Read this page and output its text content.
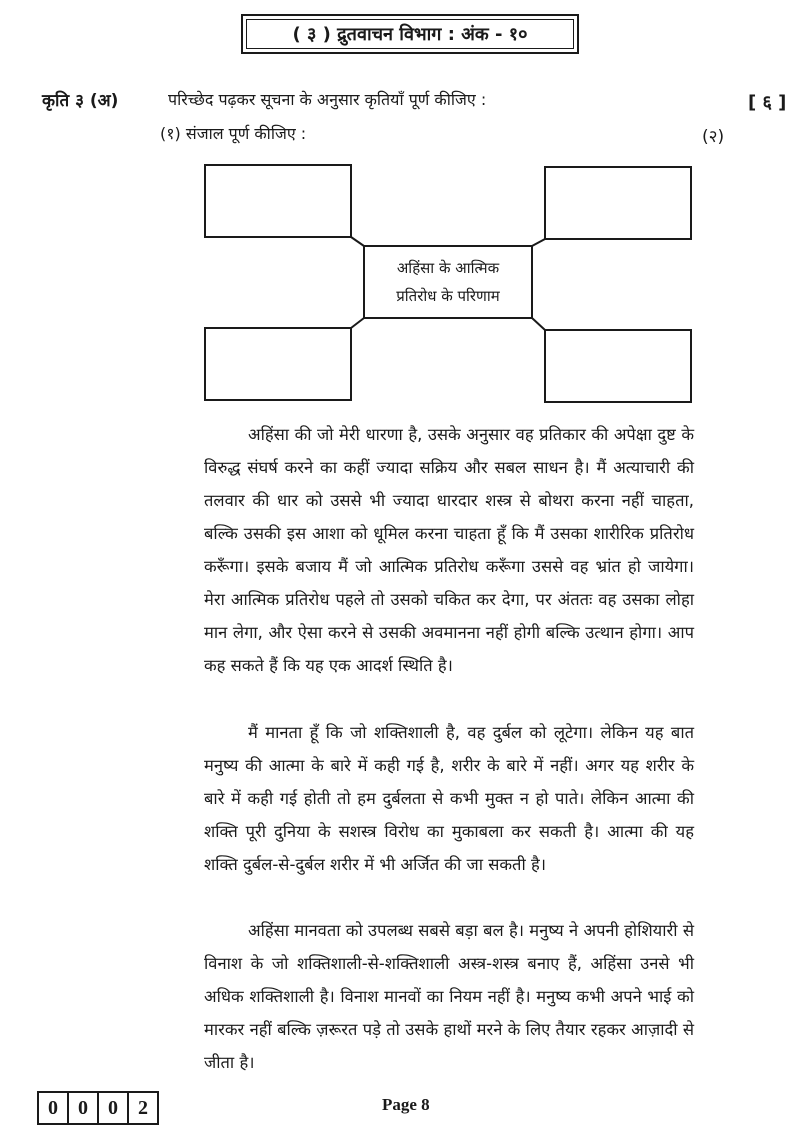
( ३ ) द्रुतवाचन विभाग : अंक - १०
कृति ३ (अ)	परिच्छेद पढ़कर सूचना के अनुसार कृतियाँ पूर्ण कीजिए :	[ ६ ]
(१) संजाल पूर्ण कीजिए :	(२)
अहिंसा के आत्मिक
प्रतिरोध के परिणाम

अहिंसा की जो मेरी धारणा है, उसके अनुसार वह प्रतिकार की अपेक्षा दुष्ट के विरुद्ध संघर्ष करने का कहीं ज्यादा सक्रिय और सबल साधन है। मैं अत्याचारी की तलवार की धार को उससे भी ज्यादा धारदार शस्त्र से बोथरा करना नहीं चाहता, बल्कि उसकी इस आशा को धूमिल करना चाहता हूँ कि मैं उसका शारीरिक प्रतिरोध करूँगा। इसके बजाय मैं जो आत्मिक प्रतिरोध करूँगा उससे वह भ्रांत हो जायेगा। मेरा आत्मिक प्रतिरोध पहले तो उसको चकित कर देगा, पर अंततः वह उसका लोहा मान लेगा, और ऐसा करने से उसकी अवमानना नहीं होगी बल्कि उत्थान होगा। आप कह सकते हैं कि यह एक आदर्श स्थिति है।

मैं मानता हूँ कि जो शक्तिशाली है, वह दुर्बल को लूटेगा। लेकिन यह बात मनुष्य की आत्मा के बारे में कही गई है, शरीर के बारे में नहीं। अगर यह शरीर के बारे में कही गई होती तो हम दुर्बलता से कभी मुक्त न हो पाते। लेकिन आत्मा की शक्ति पूरी दुनिया के सशस्त्र विरोध का मुकाबला कर सकती है। आत्मा की यह शक्ति दुर्बल-से-दुर्बल शरीर में भी अर्जित की जा सकती है।

अहिंसा मानवता को उपलब्ध सबसे बड़ा बल है। मनुष्य ने अपनी होशियारी से विनाश के जो शक्तिशाली-से-शक्तिशाली अस्त्र-शस्त्र बनाए हैं, अहिंसा उनसे भी अधिक शक्तिशाली है। विनाश मानवों का नियम नहीं है। मनुष्य कभी अपने भाई को मारकर नहीं बल्कि ज़रूरत पड़े तो उसके हाथों मरने के लिए तैयार रहकर आज़ादी से जीता है।

0	0	0	2	Page 8
